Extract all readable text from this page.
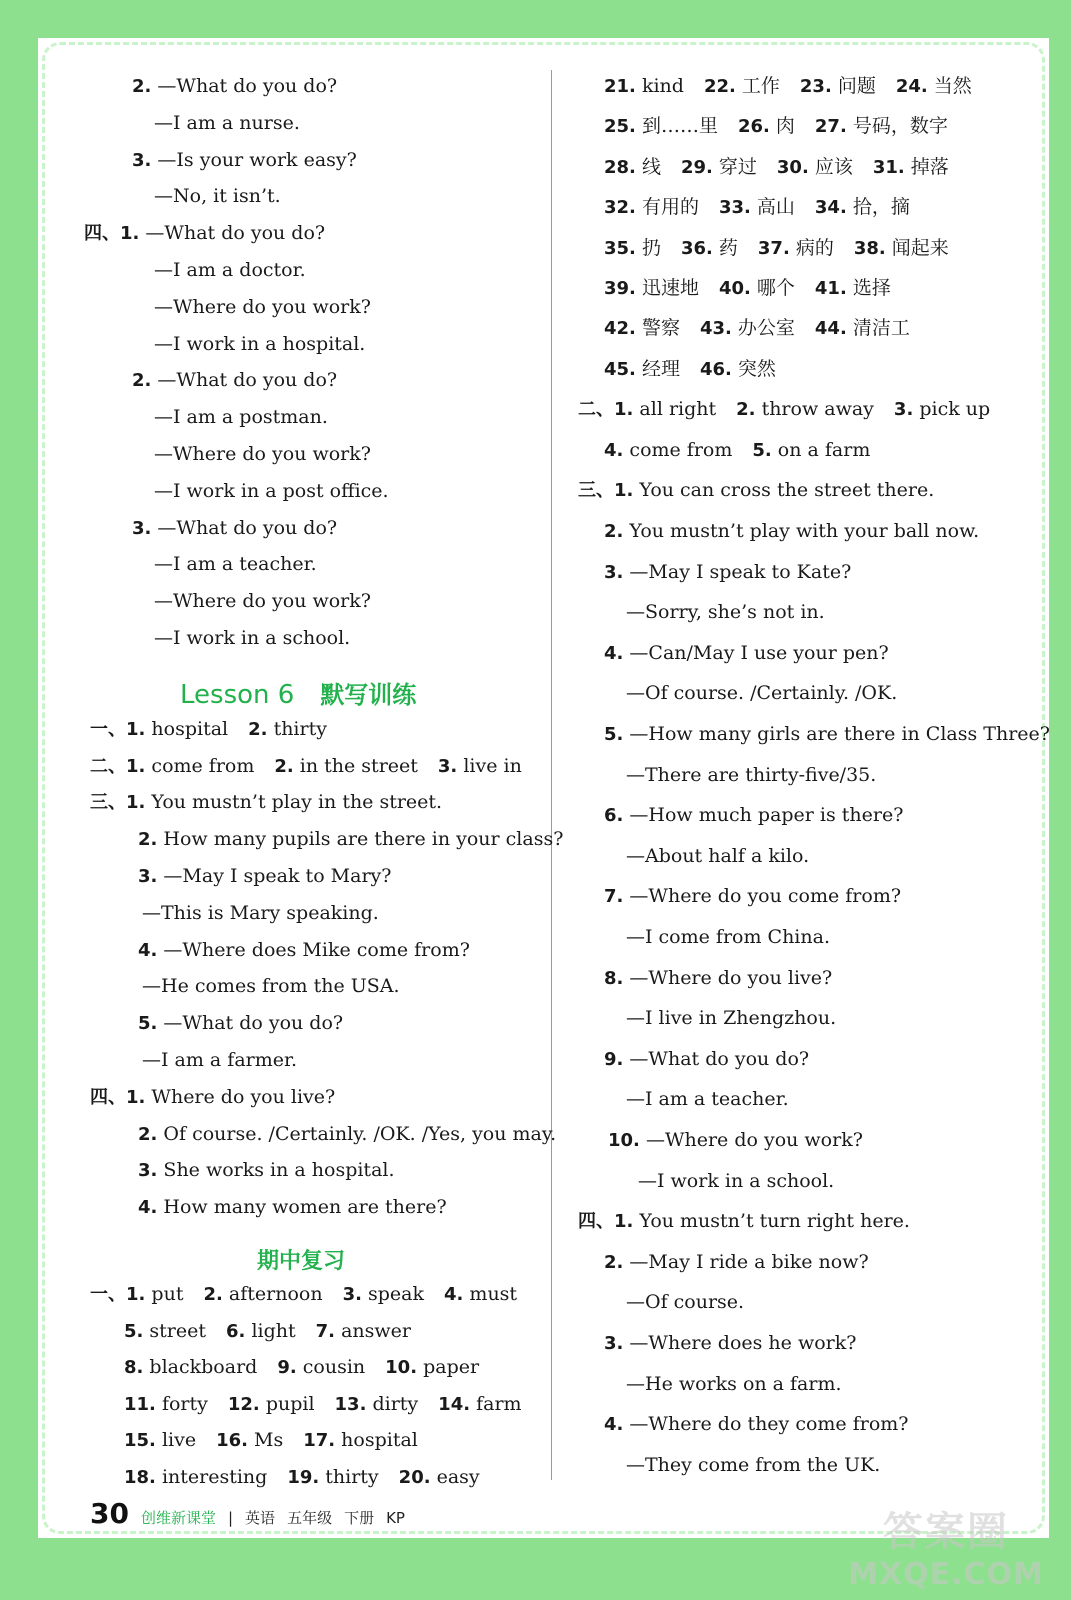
2. —What do you do?
—I am a nurse.
3. —Is your work easy?
—No, it isn’t.
四、1. —What do you do?
—I am a doctor.
—Where do you work?
—I work in a hospital.
2. —What do you do?
—I am a postman.
—Where do you work?
—I work in a post office.
3. —What do you do?
—I am a teacher.
—Where do you work?
—I work in a school.
Lesson 6 默写训练
一、1. hospital 2. thirty
二、1. come from 2. in the street 3. live in
三、1. You mustn’t play in the street.
2. How many pupils are there in your class?
3. —May I speak to Mary?
—This is Mary speaking.
4. —Where does Mike come from?
—He comes from the USA.
5. —What do you do?
—I am a farmer.
四、1. Where do you live?
2. Of course. /Certainly. /OK. /Yes, you may.
3. She works in a hospital.
4. How many women are there?
期中复习
一、1. put 2. afternoon 3. speak 4. must
5. street 6. light 7. answer
8. blackboard 9. cousin 10. paper
11. forty 12. pupil 13. dirty 14. farm
15. live 16. Ms 17. hospital
18. interesting 19. thirty 20. easy
21. kind 22. 工作 23. 问题 24. 当然
25. 到……里 26. 肉 27. 号码，数字
28. 线 29. 穿过 30. 应该 31. 掉落
32. 有用的 33. 高山 34. 拾，摘
35. 扔 36. 药 37. 病的 38. 闻起来
39. 迅速地 40. 哪个 41. 选择
42. 警察 43. 办公室 44. 清洁工
45. 经理 46. 突然
二、1. all right 2. throw away 3. pick up
4. come from 5. on a farm
三、1. You can cross the street there.
2. You mustn’t play with your ball now.
3. —May I speak to Kate?
—Sorry, she’s not in.
4. —Can/May I use your pen?
—Of course. /Certainly. /OK.
5. —How many girls are there in Class Three?
—There are thirty-five/35.
6. —How much paper is there?
—About half a kilo.
7. —Where do you come from?
—I come from China.
8. —Where do you live?
—I live in Zhengzhou.
9. —What do you do?
—I am a teacher.
10. —Where do you work?
—I work in a school.
四、1. You mustn’t turn right here.
2. —May I ride a bike now?
—Of course.
3. —Where does he work?
—He works on a farm.
4. —Where do they come from?
—They come from the UK.
30 创维新课堂 | 英语 五年级 下册 KP	答案圈
MXQE.COM
